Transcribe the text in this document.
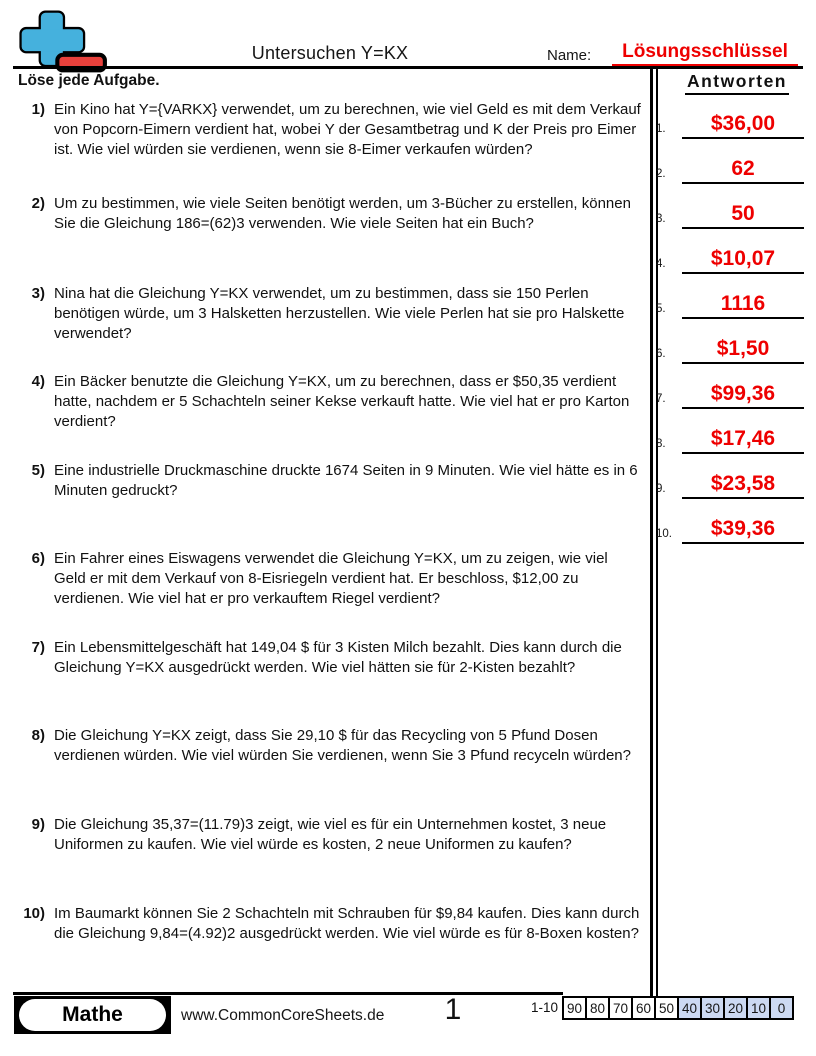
Untersuchen Y=KX	Name:	Lösungsschlüssel
Löse jede Aufgabe.
1) Ein Kino hat Y={VARKX} verwendet, um zu berechnen, wie viel Geld es mit dem Verkauf von Popcorn-Eimern verdient hat, wobei Y der Gesamtbetrag und K der Preis pro Eimer ist. Wie viel würden sie verdienen, wenn sie 8-Eimer verkaufen würden?
2) Um zu bestimmen, wie viele Seiten benötigt werden, um 3-Bücher zu erstellen, können Sie die Gleichung 186=(62)3 verwenden. Wie viele Seiten hat ein Buch?
3) Nina hat die Gleichung Y=KX verwendet, um zu bestimmen, dass sie 150 Perlen benötigen würde, um 3 Halsketten herzustellen. Wie viele Perlen hat sie pro Halskette verwendet?
4) Ein Bäcker benutzte die Gleichung Y=KX, um zu berechnen, dass er $50,35 verdient hatte, nachdem er 5 Schachteln seiner Kekse verkauft hatte. Wie viel hat er pro Karton verdient?
5) Eine industrielle Druckmaschine druckte 1674 Seiten in 9 Minuten. Wie viel hätte es in 6 Minuten gedruckt?
6) Ein Fahrer eines Eiswagens verwendet die Gleichung Y=KX, um zu zeigen, wie viel Geld er mit dem Verkauf von 8-Eisriegeln verdient hat. Er beschloss, $12,00 zu verdienen. Wie viel hat er pro verkauftem Riegel verdient?
7) Ein Lebensmittelgeschäft hat 149,04 $ für 3 Kisten Milch bezahlt. Dies kann durch die Gleichung Y=KX ausgedrückt werden. Wie viel hätten sie für 2-Kisten bezahlt?
8) Die Gleichung Y=KX zeigt, dass Sie 29,10 $ für das Recycling von 5 Pfund Dosen verdienen würden. Wie viel würden Sie verdienen, wenn Sie 3 Pfund recyceln würden?
9) Die Gleichung 35,37=(11.79)3 zeigt, wie viel es für ein Unternehmen kostet, 3 neue Uniformen zu kaufen. Wie viel würde es kosten, 2 neue Uniformen zu kaufen?
10) Im Baumarkt können Sie 2 Schachteln mit Schrauben für $9,84 kaufen. Dies kann durch die Gleichung 9,84=(4.92)2 ausgedrückt werden. Wie viel würde es für 8-Boxen kosten?
Antworten
1.	$36,00
2.	62
3.	50
4.	$10,07
5.	1116
6.	$1,50
7.	$99,36
8.	$17,46
9.	$23,58
10.	$39,36
Mathe	www.CommonCoreSheets.de	1	1-10 90 80 70 60 50 40 30 20 10 0
